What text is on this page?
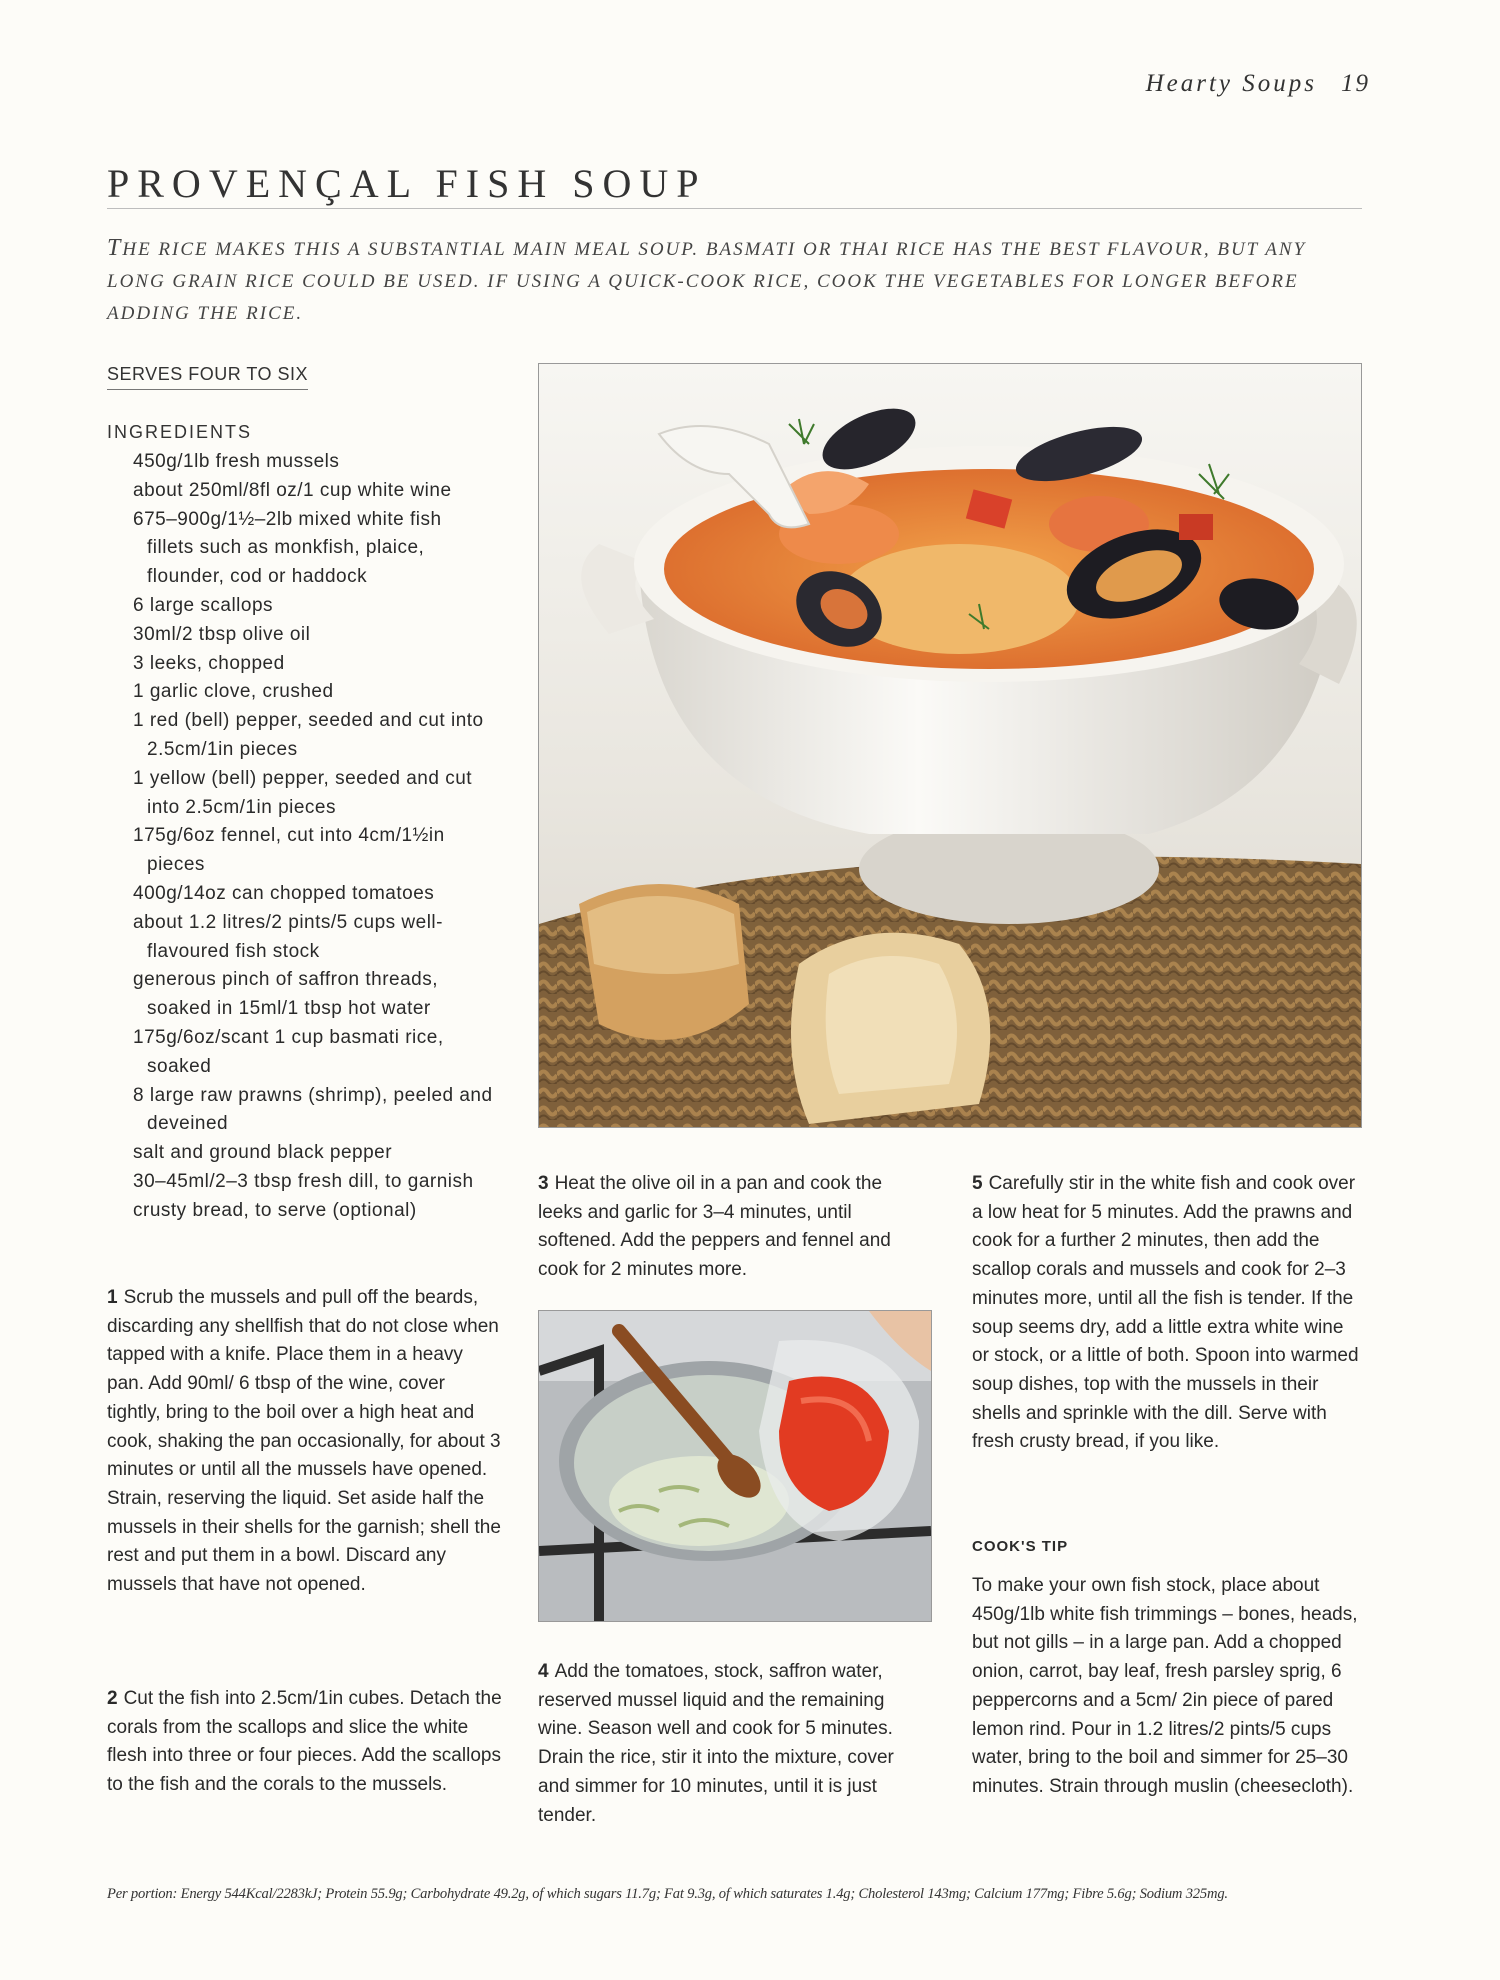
Hearty Soups 19
PROVENÇAL FISH SOUP
THE RICE MAKES THIS A SUBSTANTIAL MAIN MEAL SOUP. BASMATI OR THAI RICE HAS THE BEST FLAVOUR, BUT ANY LONG GRAIN RICE COULD BE USED. IF USING A QUICK-COOK RICE, COOK THE VEGETABLES FOR LONGER BEFORE ADDING THE RICE.
SERVES FOUR TO SIX
INGREDIENTS
450g/1lb fresh mussels
about 250ml/8fl oz/1 cup white wine
675–900g/1½–2lb mixed white fish fillets such as monkfish, plaice, flounder, cod or haddock
6 large scallops
30ml/2 tbsp olive oil
3 leeks, chopped
1 garlic clove, crushed
1 red (bell) pepper, seeded and cut into 2.5cm/1in pieces
1 yellow (bell) pepper, seeded and cut into 2.5cm/1in pieces
175g/6oz fennel, cut into 4cm/1½in pieces
400g/14oz can chopped tomatoes
about 1.2 litres/2 pints/5 cups well-flavoured fish stock
generous pinch of saffron threads, soaked in 15ml/1 tbsp hot water
175g/6oz/scant 1 cup basmati rice, soaked
8 large raw prawns (shrimp), peeled and deveined
salt and ground black pepper
30–45ml/2–3 tbsp fresh dill, to garnish
crusty bread, to serve (optional)

1 Scrub the mussels and pull off the beards, discarding any shellfish that do not close when tapped with a knife. Place them in a heavy pan. Add 90ml/ 6 tbsp of the wine, cover tightly, bring to the boil over a high heat and cook, shaking the pan occasionally, for about 3 minutes or until all the mussels have opened. Strain, reserving the liquid. Set aside half the mussels in their shells for the garnish; shell the rest and put them in a bowl. Discard any mussels that have not opened.

2 Cut the fish into 2.5cm/1in cubes. Detach the corals from the scallops and slice the white flesh into three or four pieces. Add the scallops to the fish and the corals to the mussels.

3 Heat the olive oil in a pan and cook the leeks and garlic for 3–4 minutes, until softened. Add the peppers and fennel and cook for 2 minutes more.

4 Add the tomatoes, stock, saffron water, reserved mussel liquid and the remaining wine. Season well and cook for 5 minutes. Drain the rice, stir it into the mixture, cover and simmer for 10 minutes, until it is just tender.

5 Carefully stir in the white fish and cook over a low heat for 5 minutes. Add the prawns and cook for a further 2 minutes, then add the scallop corals and mussels and cook for 2–3 minutes more, until all the fish is tender. If the soup seems dry, add a little extra white wine or stock, or a little of both. Spoon into warmed soup dishes, top with the mussels in their shells and sprinkle with the dill. Serve with fresh crusty bread, if you like.

COOK'S TIP

To make your own fish stock, place about 450g/1lb white fish trimmings – bones, heads, but not gills – in a large pan. Add a chopped onion, carrot, bay leaf, fresh parsley sprig, 6 peppercorns and a 5cm/ 2in piece of pared lemon rind. Pour in 1.2 litres/2 pints/5 cups water, bring to the boil and simmer for 25–30 minutes. Strain through muslin (cheesecloth).

Per portion: Energy 544Kcal/2283kJ; Protein 55.9g; Carbohydrate 49.2g, of which sugars 11.7g; Fat 9.3g, of which saturates 1.4g; Cholesterol 143mg; Calcium 177mg; Fibre 5.6g; Sodium 325mg.
